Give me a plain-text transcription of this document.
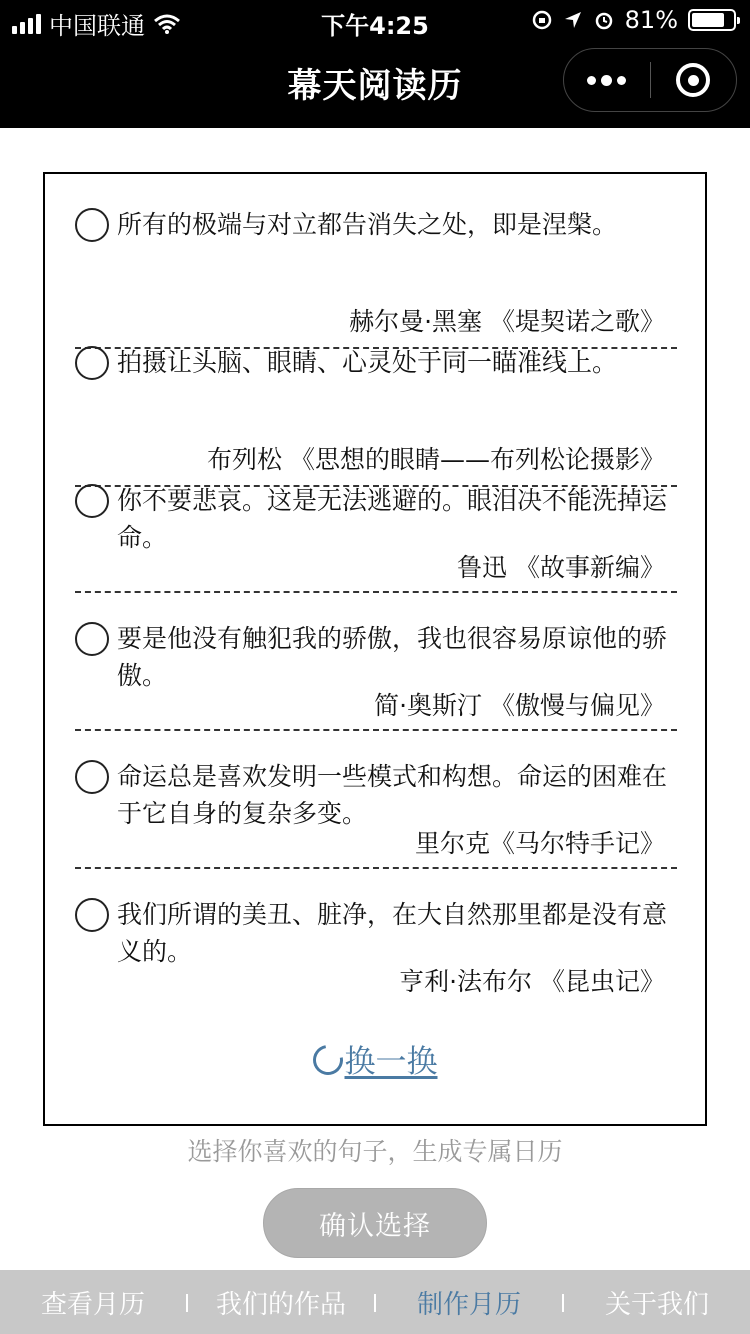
中国联通	下午4:25	81%
幕天阅读历
所有的极端与对立都告消失之处，即是涅槃。
赫尔曼·黑塞 《堤契诺之歌》
拍摄让头脑、眼睛、心灵处于同一瞄准线上。
布列松 《思想的眼睛——布列松论摄影》
你不要悲哀。这是无法逃避的。眼泪决不能洗掉运命。
鲁迅 《故事新编》
要是他没有触犯我的骄傲，我也很容易原谅他的骄傲。
简·奥斯汀 《傲慢与偏见》
命运总是喜欢发明一些模式和构想。命运的困难在于它自身的复杂多变。
里尔克《马尔特手记》
我们所谓的美丑、脏净，在大自然那里都是没有意义的。
亨利·法布尔 《昆虫记》
换一换
选择你喜欢的句子，生成专属日历
确认选择
查看月历	我们的作品	制作月历	关于我们
